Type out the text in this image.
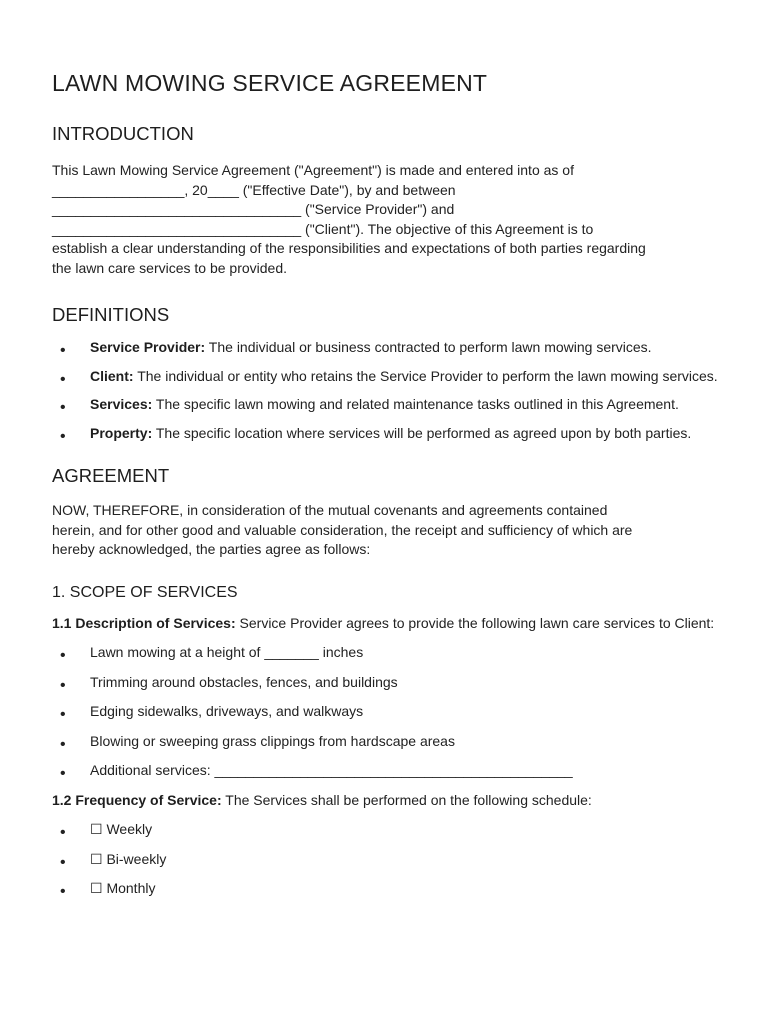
LAWN MOWING SERVICE AGREEMENT
INTRODUCTION

This Lawn Mowing Service Agreement ("Agreement") is made and entered into as of

_________________, 20____ ("Effective Date"), by and between

________________________________ ("Service Provider") and

________________________________ ("Client"). The objective of this Agreement is to

establish a clear understanding of the responsibilities and expectations of both parties regarding

the lawn care services to be provided.

DEFINITIONS
• Service Provider: The individual or business contracted to perform lawn mowing services.
• Client: The individual or entity who retains the Service Provider to perform the lawn mowing services.
• Services: The specific lawn mowing and related maintenance tasks outlined in this Agreement.
• Property: The specific location where services will be performed as agreed upon by both parties.
AGREEMENT

NOW, THEREFORE, in consideration of the mutual covenants and agreements contained

herein, and for other good and valuable consideration, the receipt and sufficiency of which are

hereby acknowledged, the parties agree as follows:

1. SCOPE OF SERVICES

1.1 Description of Services: Service Provider agrees to provide the following lawn care services to Client:

• Lawn mowing at a height of _______ inches
• Trimming around obstacles, fences, and buildings
• Edging sidewalks, driveways, and walkways
• Blowing or sweeping grass clippings from hardscape areas
• Additional services: ______________________________________________

1.2 Frequency of Service: The Services shall be performed on the following schedule:

• ☐ Weekly
• ☐ Bi-weekly
• ☐ Monthly
